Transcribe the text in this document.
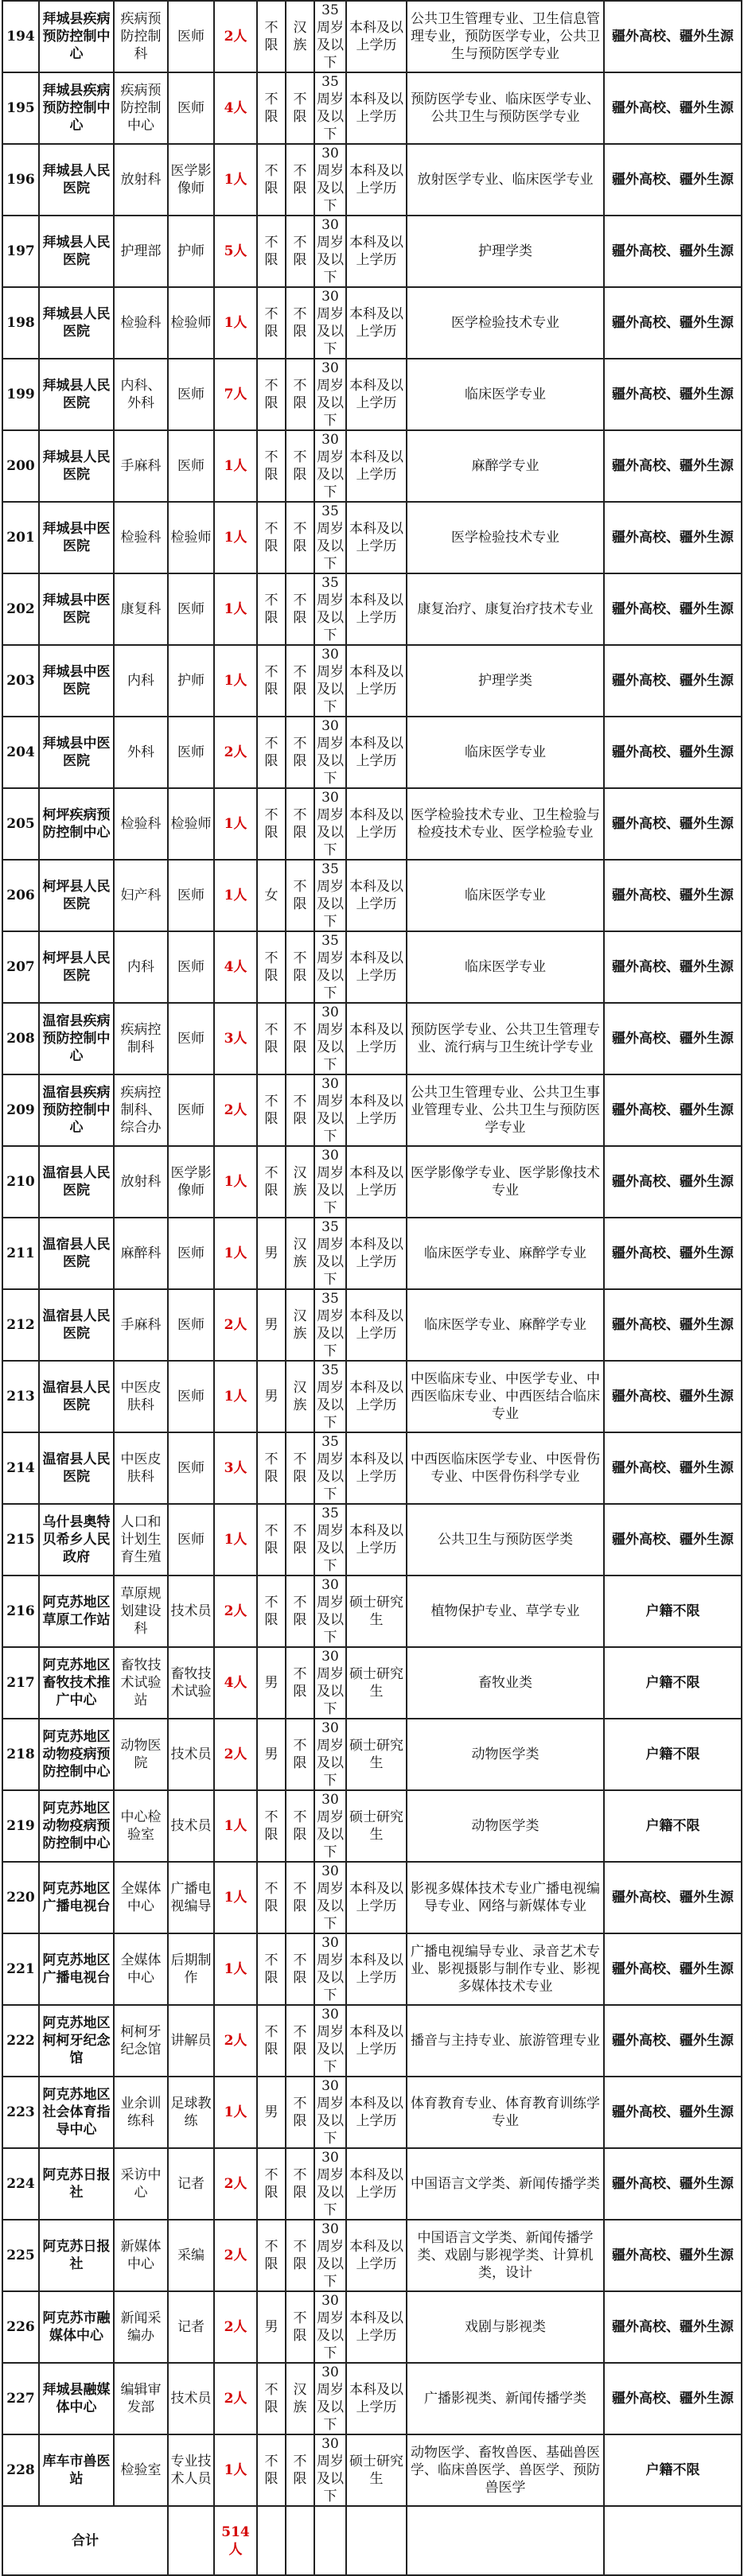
194	拜城县疾病预防控制中心	疾病预防控制科	医师	2人	不限	汉族	35周岁及以下	本科及以上学历	公共卫生管理专业、卫生信息管理专业，预防医学专业，公共卫生与预防医学专业	疆外高校、疆外生源
195	拜城县疾病预防控制中心	疾病预防控制中心	医师	4人	不限	不限	35周岁及以下	本科及以上学历	预防医学专业、临床医学专业、公共卫生与预防医学专业	疆外高校、疆外生源
196	拜城县人民医院	放射科	医学影像师	1人	不限	不限	30周岁及以下	本科及以上学历	放射医学专业、临床医学专业	疆外高校、疆外生源
197	拜城县人民医院	护理部	护师	5人	不限	不限	30周岁及以下	本科及以上学历	护理学类	疆外高校、疆外生源
198	拜城县人民医院	检验科	检验师	1人	不限	不限	30周岁及以下	本科及以上学历	医学检验技术专业	疆外高校、疆外生源
199	拜城县人民医院	内科、外科	医师	7人	不限	不限	30周岁及以下	本科及以上学历	临床医学专业	疆外高校、疆外生源
200	拜城县人民医院	手麻科	医师	1人	不限	不限	30周岁及以下	本科及以上学历	麻醉学专业	疆外高校、疆外生源
201	拜城县中医医院	检验科	检验师	1人	不限	不限	35周岁及以下	本科及以上学历	医学检验技术专业	疆外高校、疆外生源
202	拜城县中医医院	康复科	医师	1人	不限	不限	35周岁及以下	本科及以上学历	康复治疗、康复治疗技术专业	疆外高校、疆外生源
203	拜城县中医医院	内科	护师	1人	不限	不限	30周岁及以下	本科及以上学历	护理学类	疆外高校、疆外生源
204	拜城县中医医院	外科	医师	2人	不限	不限	30周岁及以下	本科及以上学历	临床医学专业	疆外高校、疆外生源
205	柯坪疾病预防控制中心	检验科	检验师	1人	不限	不限	30周岁及以下	本科及以上学历	医学检验技术专业、卫生检验与检疫技术专业、医学检验专业	疆外高校、疆外生源
206	柯坪县人民医院	妇产科	医师	1人	女	不限	35周岁及以下	本科及以上学历	临床医学专业	疆外高校、疆外生源
207	柯坪县人民医院	内科	医师	4人	不限	不限	35周岁及以下	本科及以上学历	临床医学专业	疆外高校、疆外生源
208	温宿县疾病预防控制中心	疾病控制科	医师	3人	不限	不限	30周岁及以下	本科及以上学历	预防医学专业、公共卫生管理专业、流行病与卫生统计学专业	疆外高校、疆外生源
209	温宿县疾病预防控制中心	疾病控制科、综合办	医师	2人	不限	不限	30周岁及以下	本科及以上学历	公共卫生管理专业、公共卫生事业管理专业、公共卫生与预防医学专业	疆外高校、疆外生源
210	温宿县人民医院	放射科	医学影像师	1人	不限	汉族	30周岁及以下	本科及以上学历	医学影像学专业、医学影像技术专业	疆外高校、疆外生源
211	温宿县人民医院	麻醉科	医师	1人	男	汉族	35周岁及以下	本科及以上学历	临床医学专业、麻醉学专业	疆外高校、疆外生源
212	温宿县人民医院	手麻科	医师	2人	男	汉族	35周岁及以下	本科及以上学历	临床医学专业、麻醉学专业	疆外高校、疆外生源
213	温宿县人民医院	中医皮肤科	医师	1人	男	汉族	35周岁及以下	本科及以上学历	中医临床专业、中医学专业、中西医临床专业、中西医结合临床专业	疆外高校、疆外生源
214	温宿县人民医院	中医皮肤科	医师	3人	不限	不限	35周岁及以下	本科及以上学历	中西医临床医学专业、中医骨伤专业、中医骨伤科学专业	疆外高校、疆外生源
215	乌什县奥特贝希乡人民政府	人口和计划生育生殖	医师	1人	不限	不限	35周岁及以下	本科及以上学历	公共卫生与预防医学类	疆外高校、疆外生源
216	阿克苏地区草原工作站	草原规划建设科	技术员	2人	不限	不限	30周岁及以下	硕士研究生	植物保护专业、草学专业	户籍不限
217	阿克苏地区畜牧技术推广中心	畜牧技术试验站	畜牧技术试验	4人	男	不限	30周岁及以下	硕士研究生	畜牧业类	户籍不限
218	阿克苏地区动物疫病预防控制中心	动物医院	技术员	2人	男	不限	30周岁及以下	硕士研究生	动物医学类	户籍不限
219	阿克苏地区动物疫病预防控制中心	中心检验室	技术员	1人	不限	不限	30周岁及以下	硕士研究生	动物医学类	户籍不限
220	阿克苏地区广播电视台	全媒体中心	广播电视编导	1人	不限	不限	30周岁及以下	本科及以上学历	影视多媒体技术专业广播电视编导专业、网络与新媒体专业	疆外高校、疆外生源
221	阿克苏地区广播电视台	全媒体中心	后期制作	1人	不限	不限	30周岁及以下	本科及以上学历	广播电视编导专业、录音艺术专业、影视摄影与制作专业、影视多媒体技术专业	疆外高校、疆外生源
222	阿克苏地区柯柯牙纪念馆	柯柯牙纪念馆	讲解员	2人	不限	不限	30周岁及以下	本科及以上学历	播音与主持专业、旅游管理专业	疆外高校、疆外生源
223	阿克苏地区社会体育指导中心	业余训练科	足球教练	1人	男	不限	30周岁及以下	本科及以上学历	体育教育专业、体育教育训练学专业	疆外高校、疆外生源
224	阿克苏日报社	采访中心	记者	2人	不限	不限	30周岁及以下	本科及以上学历	中国语言文学类、新闻传播学类	疆外高校、疆外生源
225	阿克苏日报社	新媒体中心	采编	2人	不限	不限	30周岁及以下	本科及以上学历	中国语言文学类、新闻传播学类、戏剧与影视学类、计算机类，设计	疆外高校、疆外生源
226	阿克苏市融媒体中心	新闻采编办	记者	2人	男	不限	30周岁及以下	本科及以上学历	戏剧与影视类	疆外高校、疆外生源
227	拜城县融媒体中心	编辑审发部	技术员	2人	不限	汉族	30周岁及以下	本科及以上学历	广播影视类、新闻传播学类	疆外高校、疆外生源
228	库车市兽医站	检验室	专业技术人员	1人	不限	不限	30周岁及以下	硕士研究生	动物医学、畜牧兽医、基础兽医学、临床兽医学、兽医学、预防兽医学	户籍不限
合计				514人						
